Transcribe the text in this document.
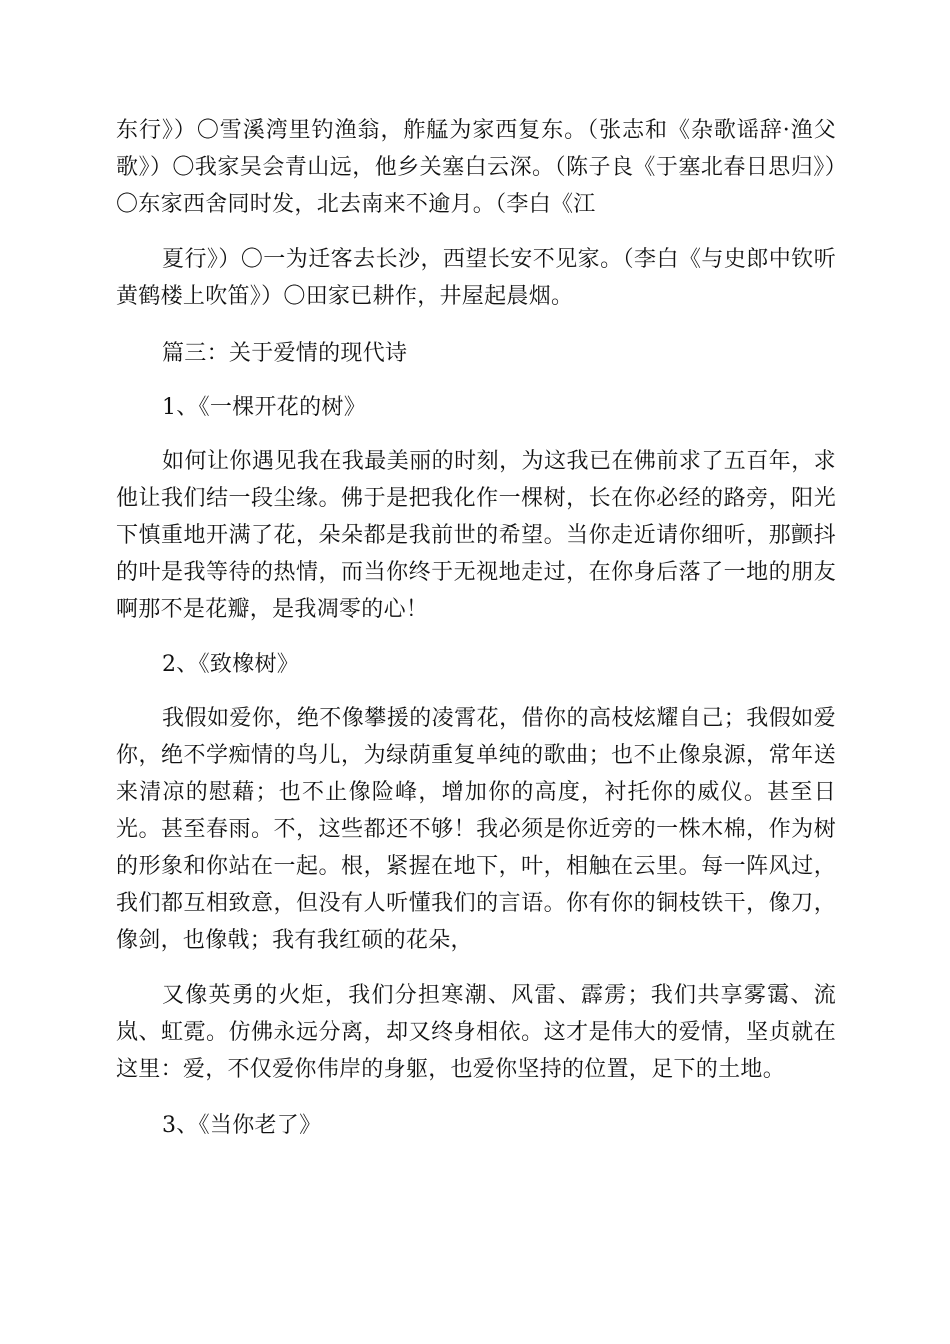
东行》）〇雪溪湾里钓渔翁，舴艋为家西复东。（张志和《杂歌谣辞·渔父歌》）〇我家吴会青山远，他乡关塞白云深。（陈子良《于塞北春日思归》）〇东家西舍同时发，北去南来不逾月。（李白《江

夏行》）〇一为迁客去长沙，西望长安不见家。（李白《与史郎中钦听黄鹤楼上吹笛》）〇田家已耕作，井屋起晨烟。

篇三：关于爱情的现代诗

1、《一棵开花的树》

如何让你遇见我在我最美丽的时刻，为这我已在佛前求了五百年，求他让我们结一段尘缘。佛于是把我化作一棵树，长在你必经的路旁，阳光下慎重地开满了花，朵朵都是我前世的希望。当你走近请你细听，那颤抖的叶是我等待的热情，而当你终于无视地走过，在你身后落了一地的朋友啊那不是花瓣，是我凋零的心！

2、《致橡树》

我假如爱你，绝不像攀援的凌霄花，借你的高枝炫耀自己；我假如爱你，绝不学痴情的鸟儿，为绿荫重复单纯的歌曲；也不止像泉源，常年送来清凉的慰藉；也不止像险峰，增加你的高度，衬托你的威仪。甚至日光。甚至春雨。不，这些都还不够！我必须是你近旁的一株木棉，作为树的形象和你站在一起。根，紧握在地下，叶，相触在云里。每一阵风过，我们都互相致意，但没有人听懂我们的言语。你有你的铜枝铁干，像刀，像剑，也像戟；我有我红硕的花朵，

又像英勇的火炬，我们分担寒潮、风雷、霹雳；我们共享雾霭、流岚、虹霓。仿佛永远分离，却又终身相依。这才是伟大的爱情，坚贞就在这里：爱，不仅爱你伟岸的身躯，也爱你坚持的位置，足下的土地。

3、《当你老了》
